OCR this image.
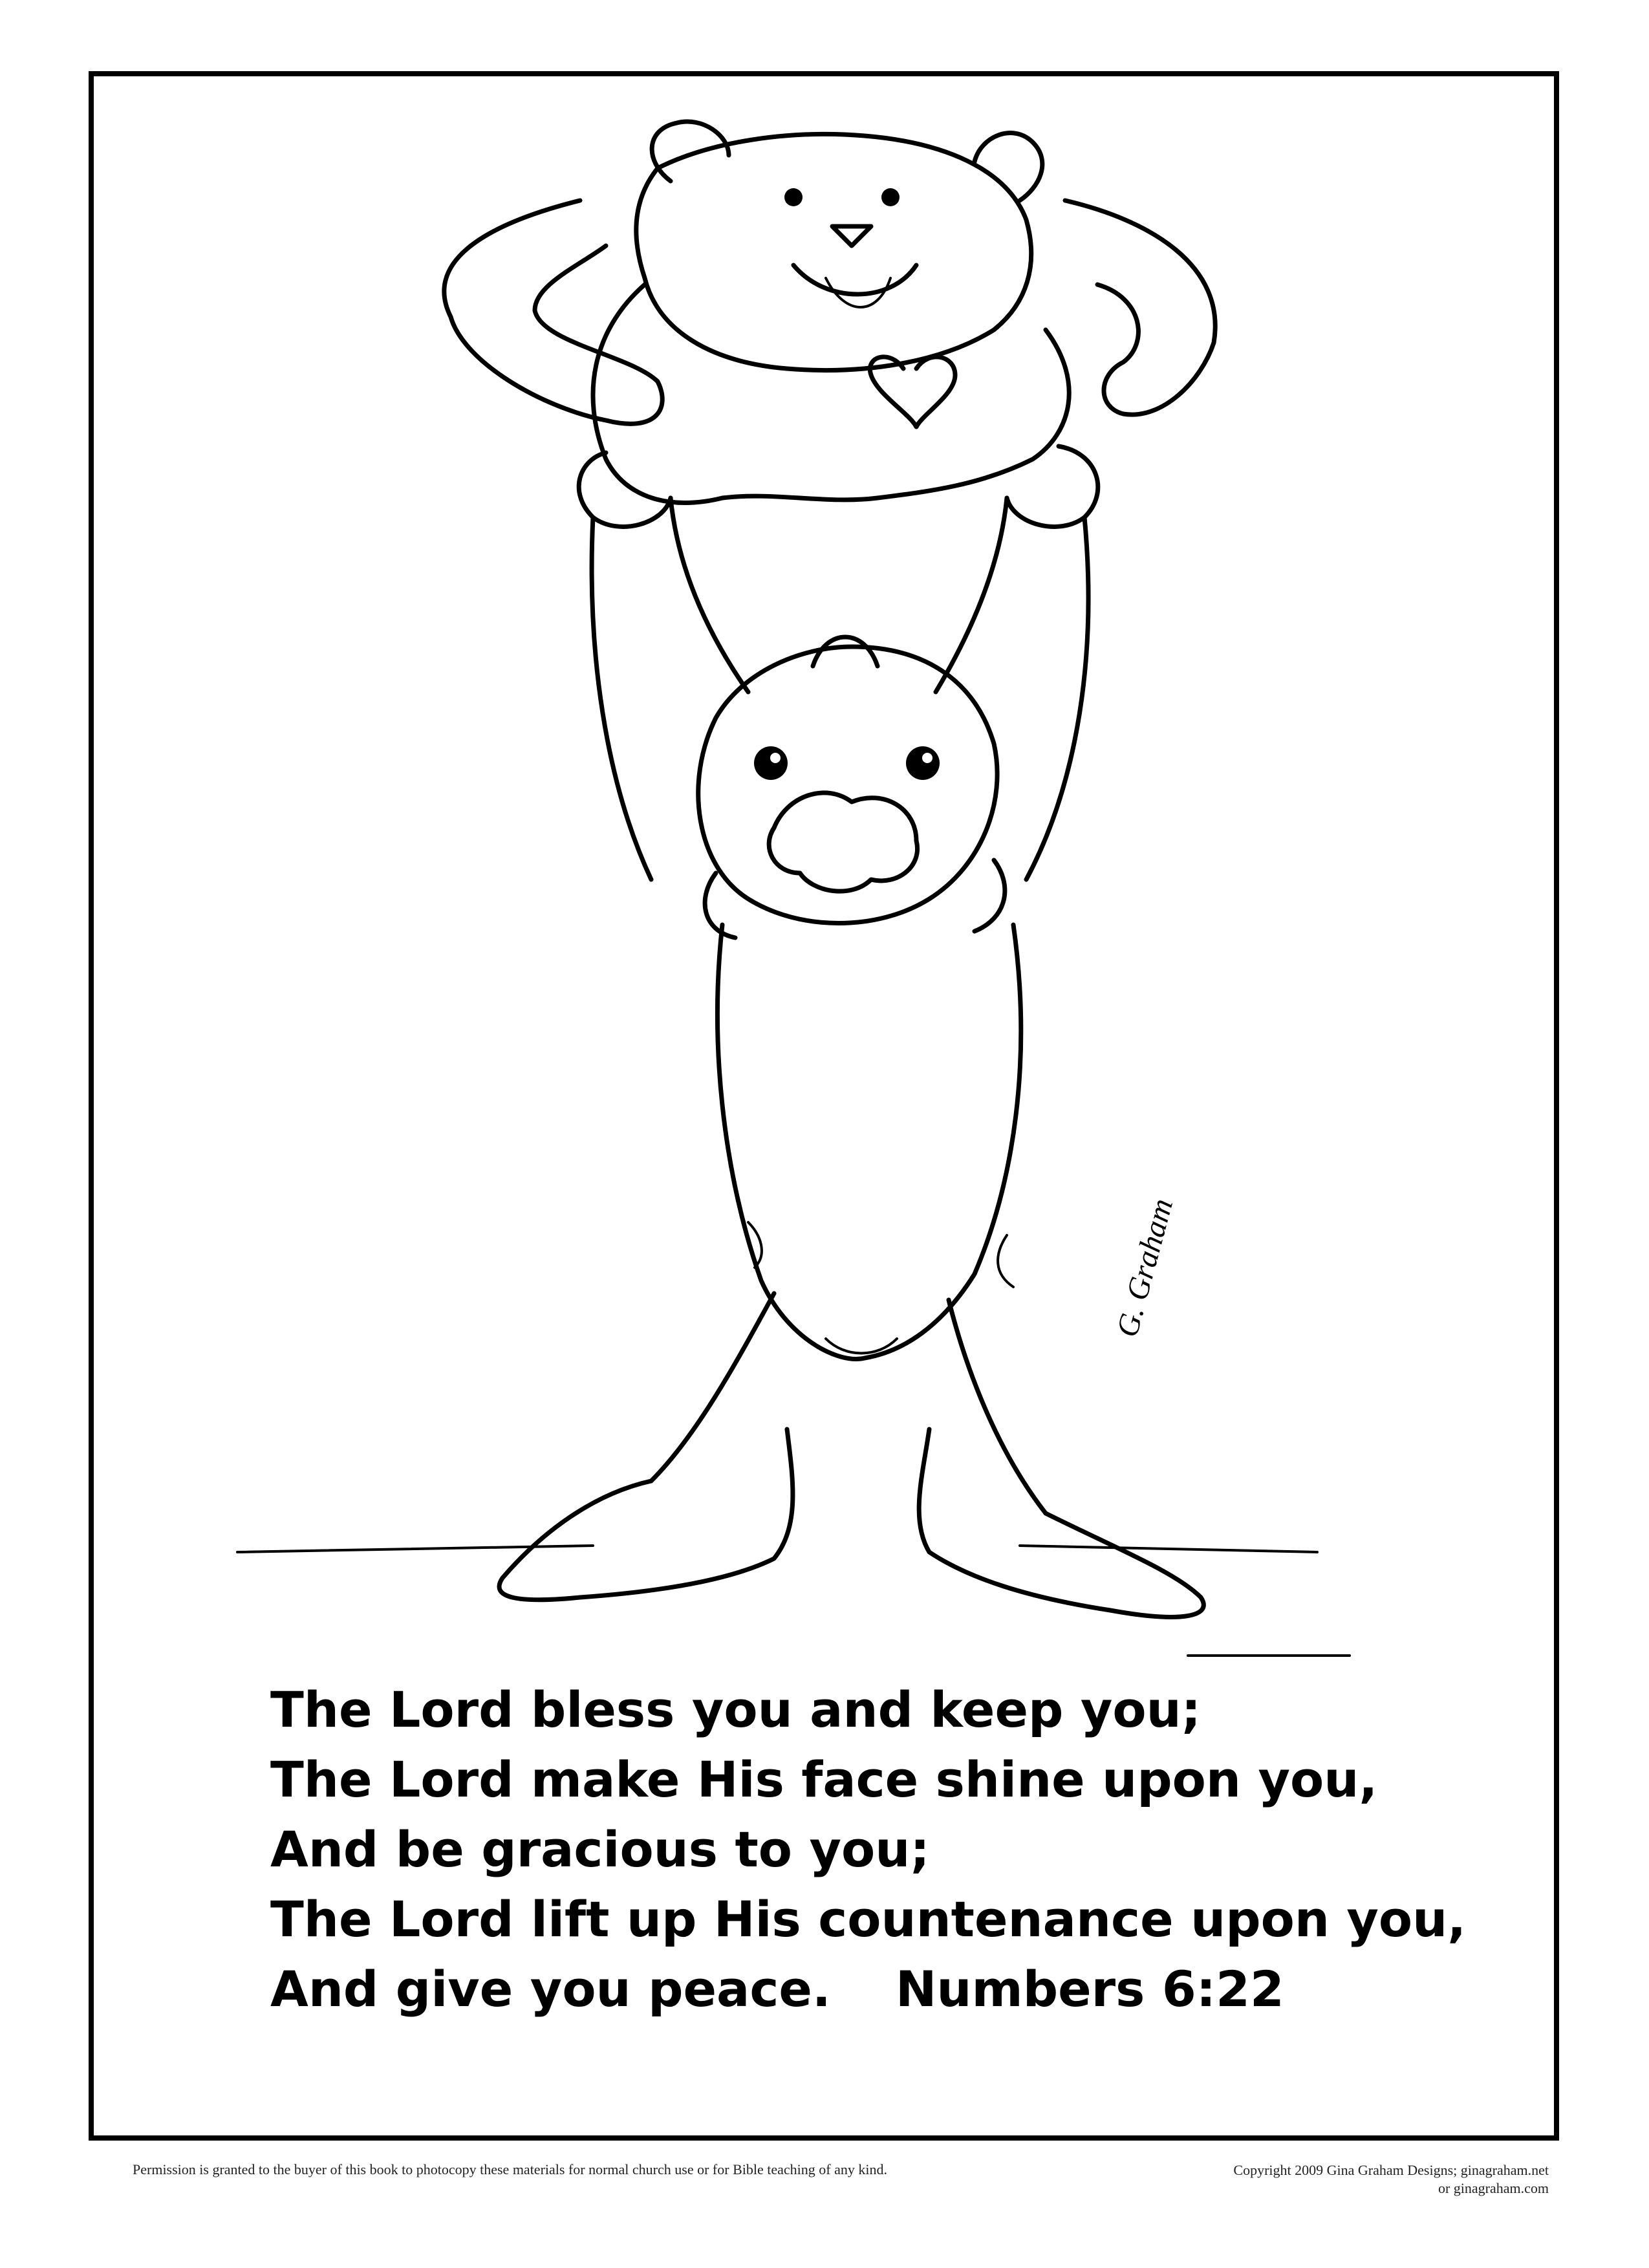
G. Graham
The Lord bless you and keep you;
The Lord make His face shine upon you,
And be gracious to you;
The Lord lift up His countenance upon you,
And give you peace. Numbers 6:22
Permission is granted to the buyer of this book to photocopy these materials for normal church use or for Bible teaching of any kind.	Copyright 2009 Gina Graham Designs; ginagraham.net
or ginagraham.com
